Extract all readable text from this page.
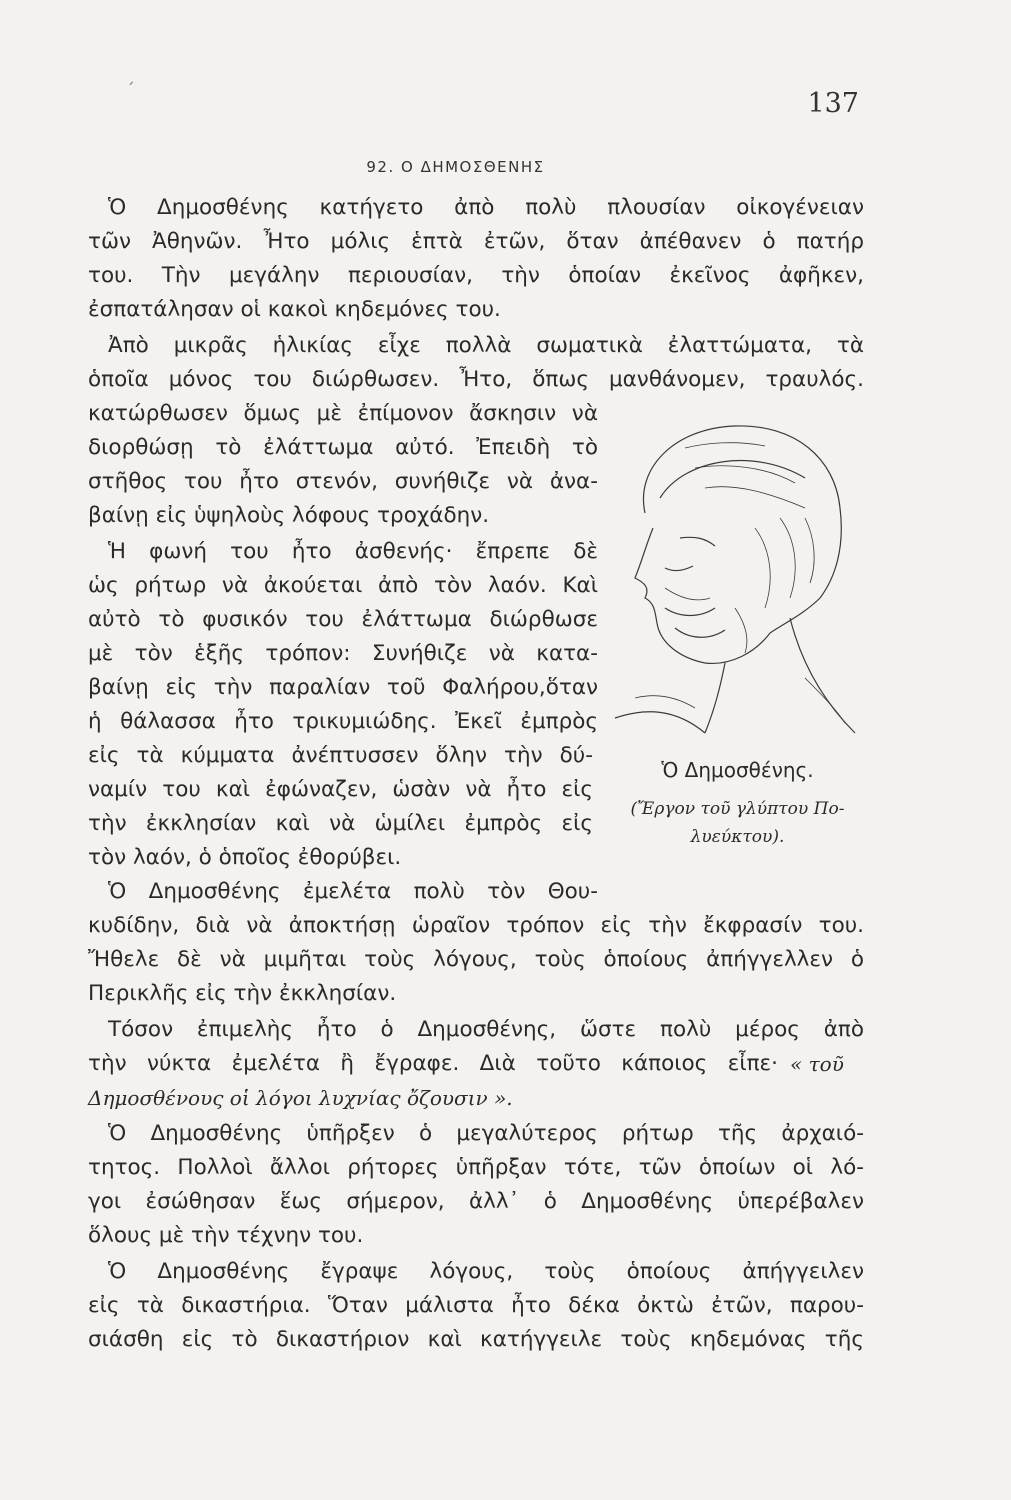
ˊ	137
92. Ο ΔΗΜΟΣΘΕΝΗΣ
Ὁ Δημοσθένης κατήγετο ἀπὸ πολὺ πλουσίαν οἰκογένειαν
τῶν Ἀθηνῶν. Ἦτο μόλις ἑπτὰ ἐτῶν, ὅταν ἀπέθανεν ὁ πατήρ
του. Τὴν μεγάλην περιουσίαν, τὴν ὁποίαν ἐκεῖνος ἀφῆκεν,
ἐσπατάλησαν οἱ κακοὶ κηδεμόνες του.
Ἀπὸ μικρᾶς ἡλικίας εἶχε πολλὰ σωματικὰ ἐλαττώματα, τὰ
ὁποῖα μόνος του διώρθωσεν. Ἦτο, ὅπως μανθάνομεν, τραυλός.
κατώρθωσεν ὅμως μὲ ἐπίμονον ἄσκησιν νὰ
διορθώσῃ τὸ ἐλάττωμα αὐτό. Ἐπειδὴ τὸ
στῆθος του ἦτο στενόν, συνήθιζε νὰ ἀνα-
βαίνῃ εἰς ὑψηλοὺς λόφους τροχάδην.
Ἡ φωνή του ἦτο ἀσθενής· ἔπρεπε δὲ
ὡς ρήτωρ νὰ ἀκούεται ἀπὸ τὸν λαόν. Καὶ
αὐτὸ τὸ φυσικόν του ἐλάττωμα διώρθωσε
μὲ τὸν ἑξῆς τρόπον: Συνήθιζε νὰ κατα-
βαίνῃ εἰς τὴν παραλίαν τοῦ Φαλήρου,ὅταν
ἡ θάλασσα ἦτο τρικυμιώδης. Ἐκεῖ ἐμπρὸς
εἰς τὰ κύμματα ἀνέπτυσσεν ὅλην τὴν δύ-
ναμίν του καὶ ἐφώναζεν, ὡσὰν νὰ ἦτο εἰς
τὴν ἐκκλησίαν καὶ νὰ ὡμίλει ἐμπρὸς εἰς
τὸν λαόν, ὁ ὁποῖος ἐθορύβει.
Ὁ Δημοσθένης ἐμελέτα πολὺ τὸν Θου-
κυδίδην, διὰ νὰ ἀποκτήσῃ ὡραῖον τρόπον εἰς τὴν ἔκφρασίν του.
Ἤθελε δὲ νὰ μιμῆται τοὺς λόγους, τοὺς ὁποίους ἀπήγγελλεν ὁ
Περικλῆς εἰς τὴν ἐκκλησίαν.
Τόσον ἐπιμελὴς ἦτο ὁ Δημοσθένης, ὥστε πολὺ μέρος ἀπὸ
τὴν νύκτα ἐμελέτα ἢ ἔγραφε. Διὰ τοῦτο κάποιος εἶπε· « τοῦ
Δημοσθένους οἱ λόγοι λυχνίας ὄζουσιν ».
Ὁ Δημοσθένης ὑπῆρξεν ὁ μεγαλύτερος ρήτωρ τῆς ἀρχαιό-
τητος. Πολλοὶ ἄλλοι ρήτορες ὑπῆρξαν τότε, τῶν ὁποίων οἱ λό-
γοι ἐσώθησαν ἕως σήμερον, ἀλλ᾽ ὁ Δημοσθένης ὑπερέβαλεν
ὅλους μὲ τὴν τέχνην του.
Ὁ Δημοσθένης ἔγραψε λόγους, τοὺς ὁποίους ἀπήγγειλεν
εἰς τὰ δικαστήρια. Ὅταν μάλιστα ἦτο δέκα ὀκτὼ ἐτῶν, παρου-
σιάσθη εἰς τὸ δικαστήριον καὶ κατήγγειλε τοὺς κηδεμόνας τῆς
Ὁ Δημοσθένης.
(Ἔργον τοῦ γλύπτου Πο-
λυεύκτου).
